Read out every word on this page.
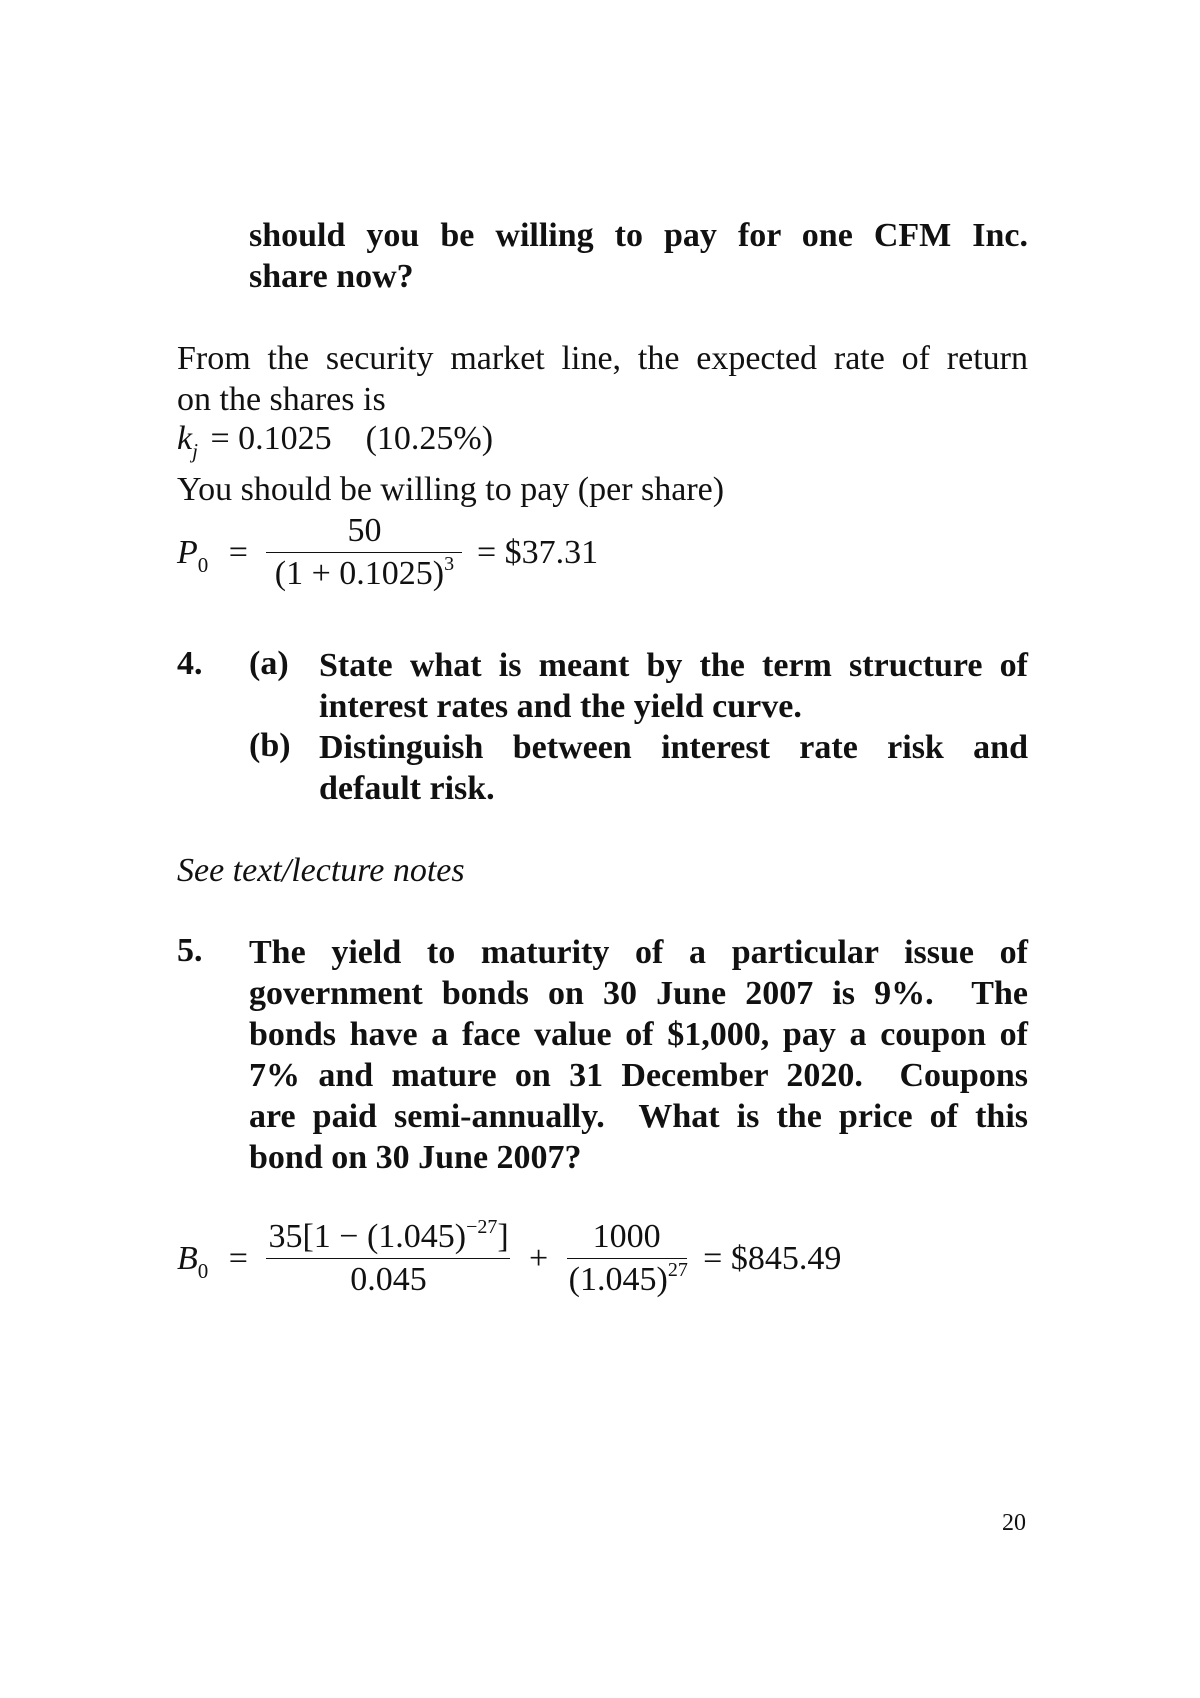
should you be willing to pay for one CFM Inc.
share now?
From the security market line, the expected rate of return
on the shares is
$k_j = 0.1025$    (10.25%)
You should be willing to pay (per share)
$P_0 = \frac{50}{(1 + 0.1025)^3}$ = $37.31
4. (a) State what is meant by the term structure of
interest rates and the yield curve.
(b) Distinguish between interest rate risk and
default risk.
See text/lecture notes
5. The yield to maturity of a particular issue of
government bonds on 30 June 2007 is 9%.  The
bonds have a face value of $1,000, pay a coupon of
7% and mature on 31 December 2020.  Coupons
are paid semi-annually.  What is the price of this
bond on 30 June 2007?
$B_0 = \frac{35[1 - (1.045)^{-27}]}{0.045} + \frac{1000}{(1.045)^{27}}$ = $845.49
20
